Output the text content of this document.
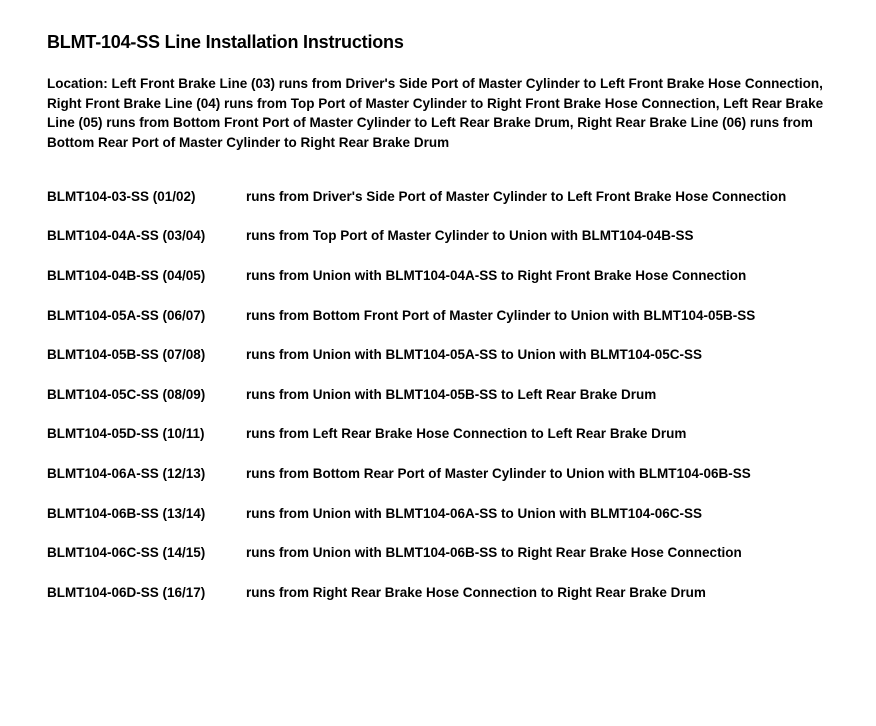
BLMT-104-SS Line Installation Instructions
Location: Left Front Brake Line (03) runs from Driver's Side Port of Master Cylinder to Left Front Brake Hose Connection, Right Front Brake Line (04) runs from Top Port of Master Cylinder to Right Front Brake Hose Connection, Left Rear Brake Line (05) runs from Bottom Front Port of Master Cylinder to Left Rear Brake Drum, Right Rear Brake Line (06) runs from Bottom Rear Port of Master Cylinder to Right Rear Brake Drum
BLMT104-03-SS (01/02)	runs from Driver's Side Port of Master Cylinder to Left Front Brake Hose Connection
BLMT104-04A-SS (03/04)	runs from Top Port of Master Cylinder to Union with BLMT104-04B-SS
BLMT104-04B-SS (04/05)	runs from Union with BLMT104-04A-SS to Right Front Brake Hose Connection
BLMT104-05A-SS (06/07)	runs from Bottom Front Port of Master Cylinder to Union with BLMT104-05B-SS
BLMT104-05B-SS (07/08)	runs from Union with BLMT104-05A-SS to Union with BLMT104-05C-SS
BLMT104-05C-SS (08/09)	runs from Union with BLMT104-05B-SS to Left Rear Brake Drum
BLMT104-05D-SS (10/11)	runs from Left Rear Brake Hose Connection to Left Rear Brake Drum
BLMT104-06A-SS (12/13)	runs from Bottom Rear Port of Master Cylinder to Union with BLMT104-06B-SS
BLMT104-06B-SS (13/14)	runs from Union with BLMT104-06A-SS to Union with BLMT104-06C-SS
BLMT104-06C-SS (14/15)	runs from Union with BLMT104-06B-SS to Right Rear Brake Hose Connection
BLMT104-06D-SS (16/17)	runs from Right Rear Brake Hose Connection to Right Rear Brake Drum
